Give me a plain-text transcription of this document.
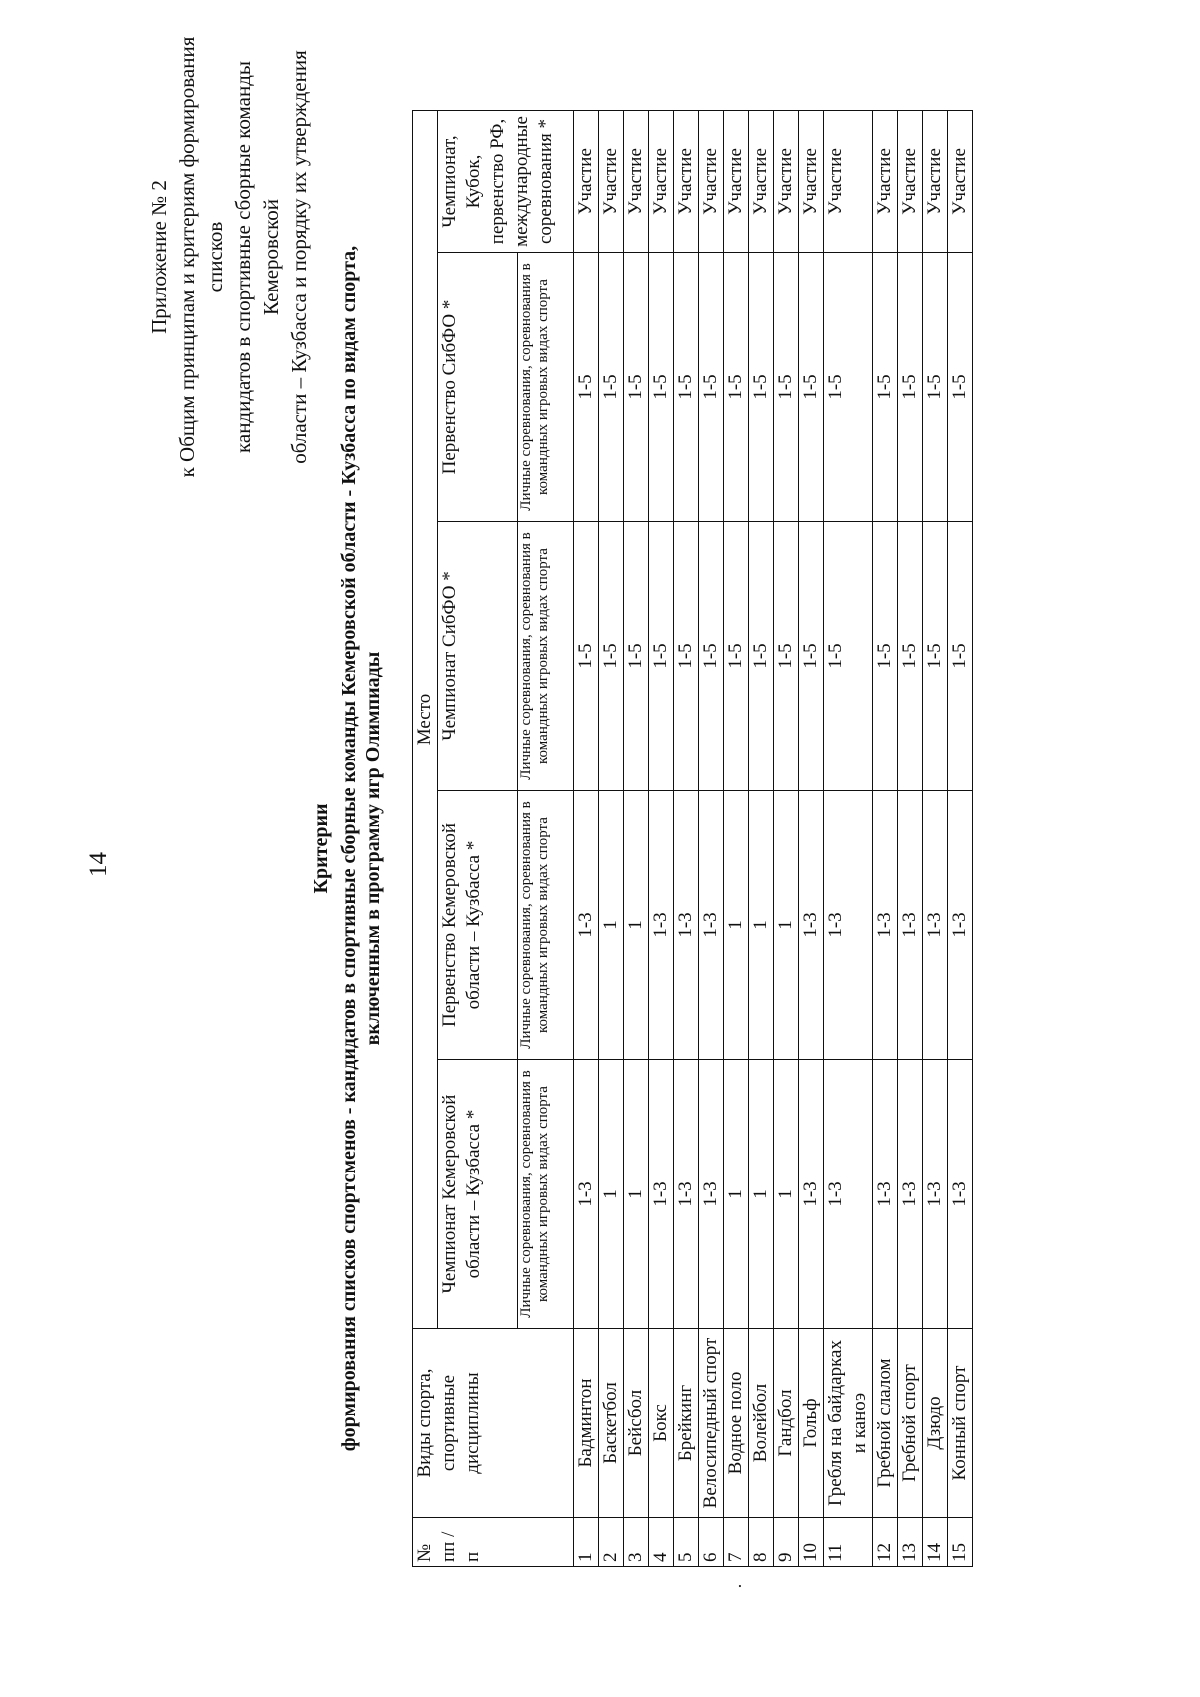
14
Приложение № 2 к Общим принципам и критериям формирования списков кандидатов в спортивные сборные команды Кемеровской области – Кузбасса и порядку их утверждения
Критерии формирования списков спортсменов - кандидатов в спортивные сборные команды Кемеровской области - Кузбасса по видам спорта, включенным в программу игр Олимпиады
·
№ пп /п	Виды спорта, спортивные дисциплины	Место				
		Чемпионат Кемеровской области – Кузбасса *	Первенство Кемеровской области – Кузбасса *	Чемпионат СибФО *	Первенство СибФО *	Чемпионат, Кубок, первенство РФ, международные соревнования *
		Личные соревнования, соревнования в командных игровых видах спорта	Личные соревнования, соревнования в командных игровых видах спорта	Личные соревнования, соревнования в командных игровых видах спорта	Личные соревнования, соревнования в командных игровых видах спорта	
1	Бадминтон	1-3	1-3	1-5	1-5	Участие
2	Баскетбол	1	1	1-5	1-5	Участие
3	Бейсбол	1	1	1-5	1-5	Участие
4	Бокс	1-3	1-3	1-5	1-5	Участие
5	Брейкинг	1-3	1-3	1-5	1-5	Участие
6	Велосипедный спорт	1-3	1-3	1-5	1-5	Участие
7	Водное поло	1	1	1-5	1-5	Участие
8	Волейбол	1	1	1-5	1-5	Участие
9	Гандбол	1	1	1-5	1-5	Участие
10	Гольф	1-3	1-3	1-5	1-5	Участие
11	Гребля на байдарках и каноэ	1-3	1-3	1-5	1-5	Участие
12	Гребной слалом	1-3	1-3	1-5	1-5	Участие
13	Гребной спорт	1-3	1-3	1-5	1-5	Участие
14	Дзюдо	1-3	1-3	1-5	1-5	Участие
15	Конный спорт	1-3	1-3	1-5	1-5	Участие
